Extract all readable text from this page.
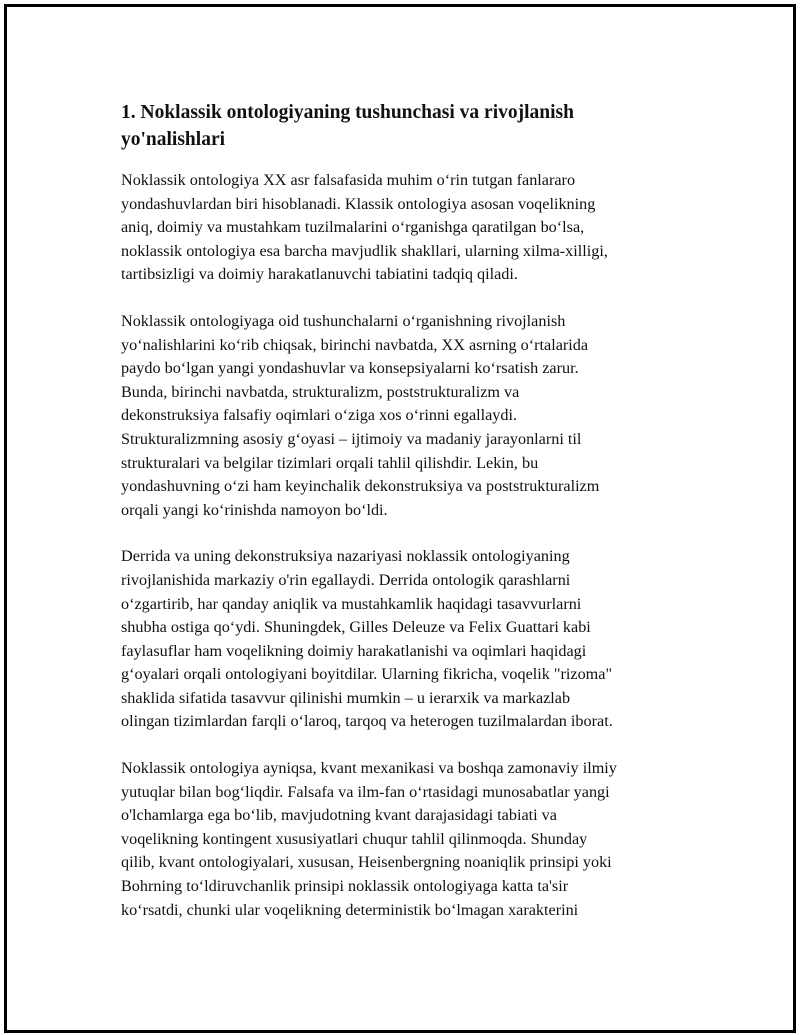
1. Noklassik ontologiyaning tushunchasi va rivojlanish
yo'nalishlari

Noklassik ontologiya XX asr falsafasida muhim o‘rin tutgan fanlararo
yondashuvlardan biri hisoblanadi. Klassik ontologiya asosan voqelikning
aniq, doimiy va mustahkam tuzilmalarini o‘rganishga qaratilgan bo‘lsa,
noklassik ontologiya esa barcha mavjudlik shakllari, ularning xilma-xilligi,
tartibsizligi va doimiy harakatlanuvchi tabiatini tadqiq qiladi.

Noklassik ontologiyaga oid tushunchalarni o‘rganishning rivojlanish
yo‘nalishlarini ko‘rib chiqsak, birinchi navbatda, XX asrning o‘rtalarida
paydo bo‘lgan yangi yondashuvlar va konsepsiyalarni ko‘rsatish zarur.
Bunda, birinchi navbatda, strukturalizm, poststrukturalizm va
dekonstruksiya falsafiy oqimlari o‘ziga xos o‘rinni egallaydi.
Strukturalizmning asosiy g‘oyasi – ijtimoiy va madaniy jarayonlarni til
strukturalari va belgilar tizimlari orqali tahlil qilishdir. Lekin, bu
yondashuvning o‘zi ham keyinchalik dekonstruksiya va poststrukturalizm
orqali yangi ko‘rinishda namoyon bo‘ldi.

Derrida va uning dekonstruksiya nazariyasi noklassik ontologiyaning
rivojlanishida markaziy o'rin egallaydi. Derrida ontologik qarashlarni
o‘zgartirib, har qanday aniqlik va mustahkamlik haqidagi tasavvurlarni
shubha ostiga qo‘ydi. Shuningdek, Gilles Deleuze va Felix Guattari kabi
faylasuflar ham voqelikning doimiy harakatlanishi va oqimlari haqidagi
g‘oyalari orqali ontologiyani boyitdilar. Ularning fikricha, voqelik "rizoma"
shaklida sifatida tasavvur qilinishi mumkin – u ierarxik va markazlab
olingan tizimlardan farqli o‘laroq, tarqoq va heterogen tuzilmalardan iborat.

Noklassik ontologiya ayniqsa, kvant mexanikasi va boshqa zamonaviy ilmiy
yutuqlar bilan bog‘liqdir. Falsafa va ilm-fan o‘rtasidagi munosabatlar yangi
o'lchamlarga ega bo‘lib, mavjudotning kvant darajasidagi tabiati va
voqelikning kontingent xususiyatlari chuqur tahlil qilinmoqda. Shunday
qilib, kvant ontologiyalari, xususan, Heisenbergning noaniqlik prinsipi yoki
Bohrning to‘ldiruvchanlik prinsipi noklassik ontologiyaga katta ta'sir
ko‘rsatdi, chunki ular voqelikning deterministik bo‘lmagan xarakterini
